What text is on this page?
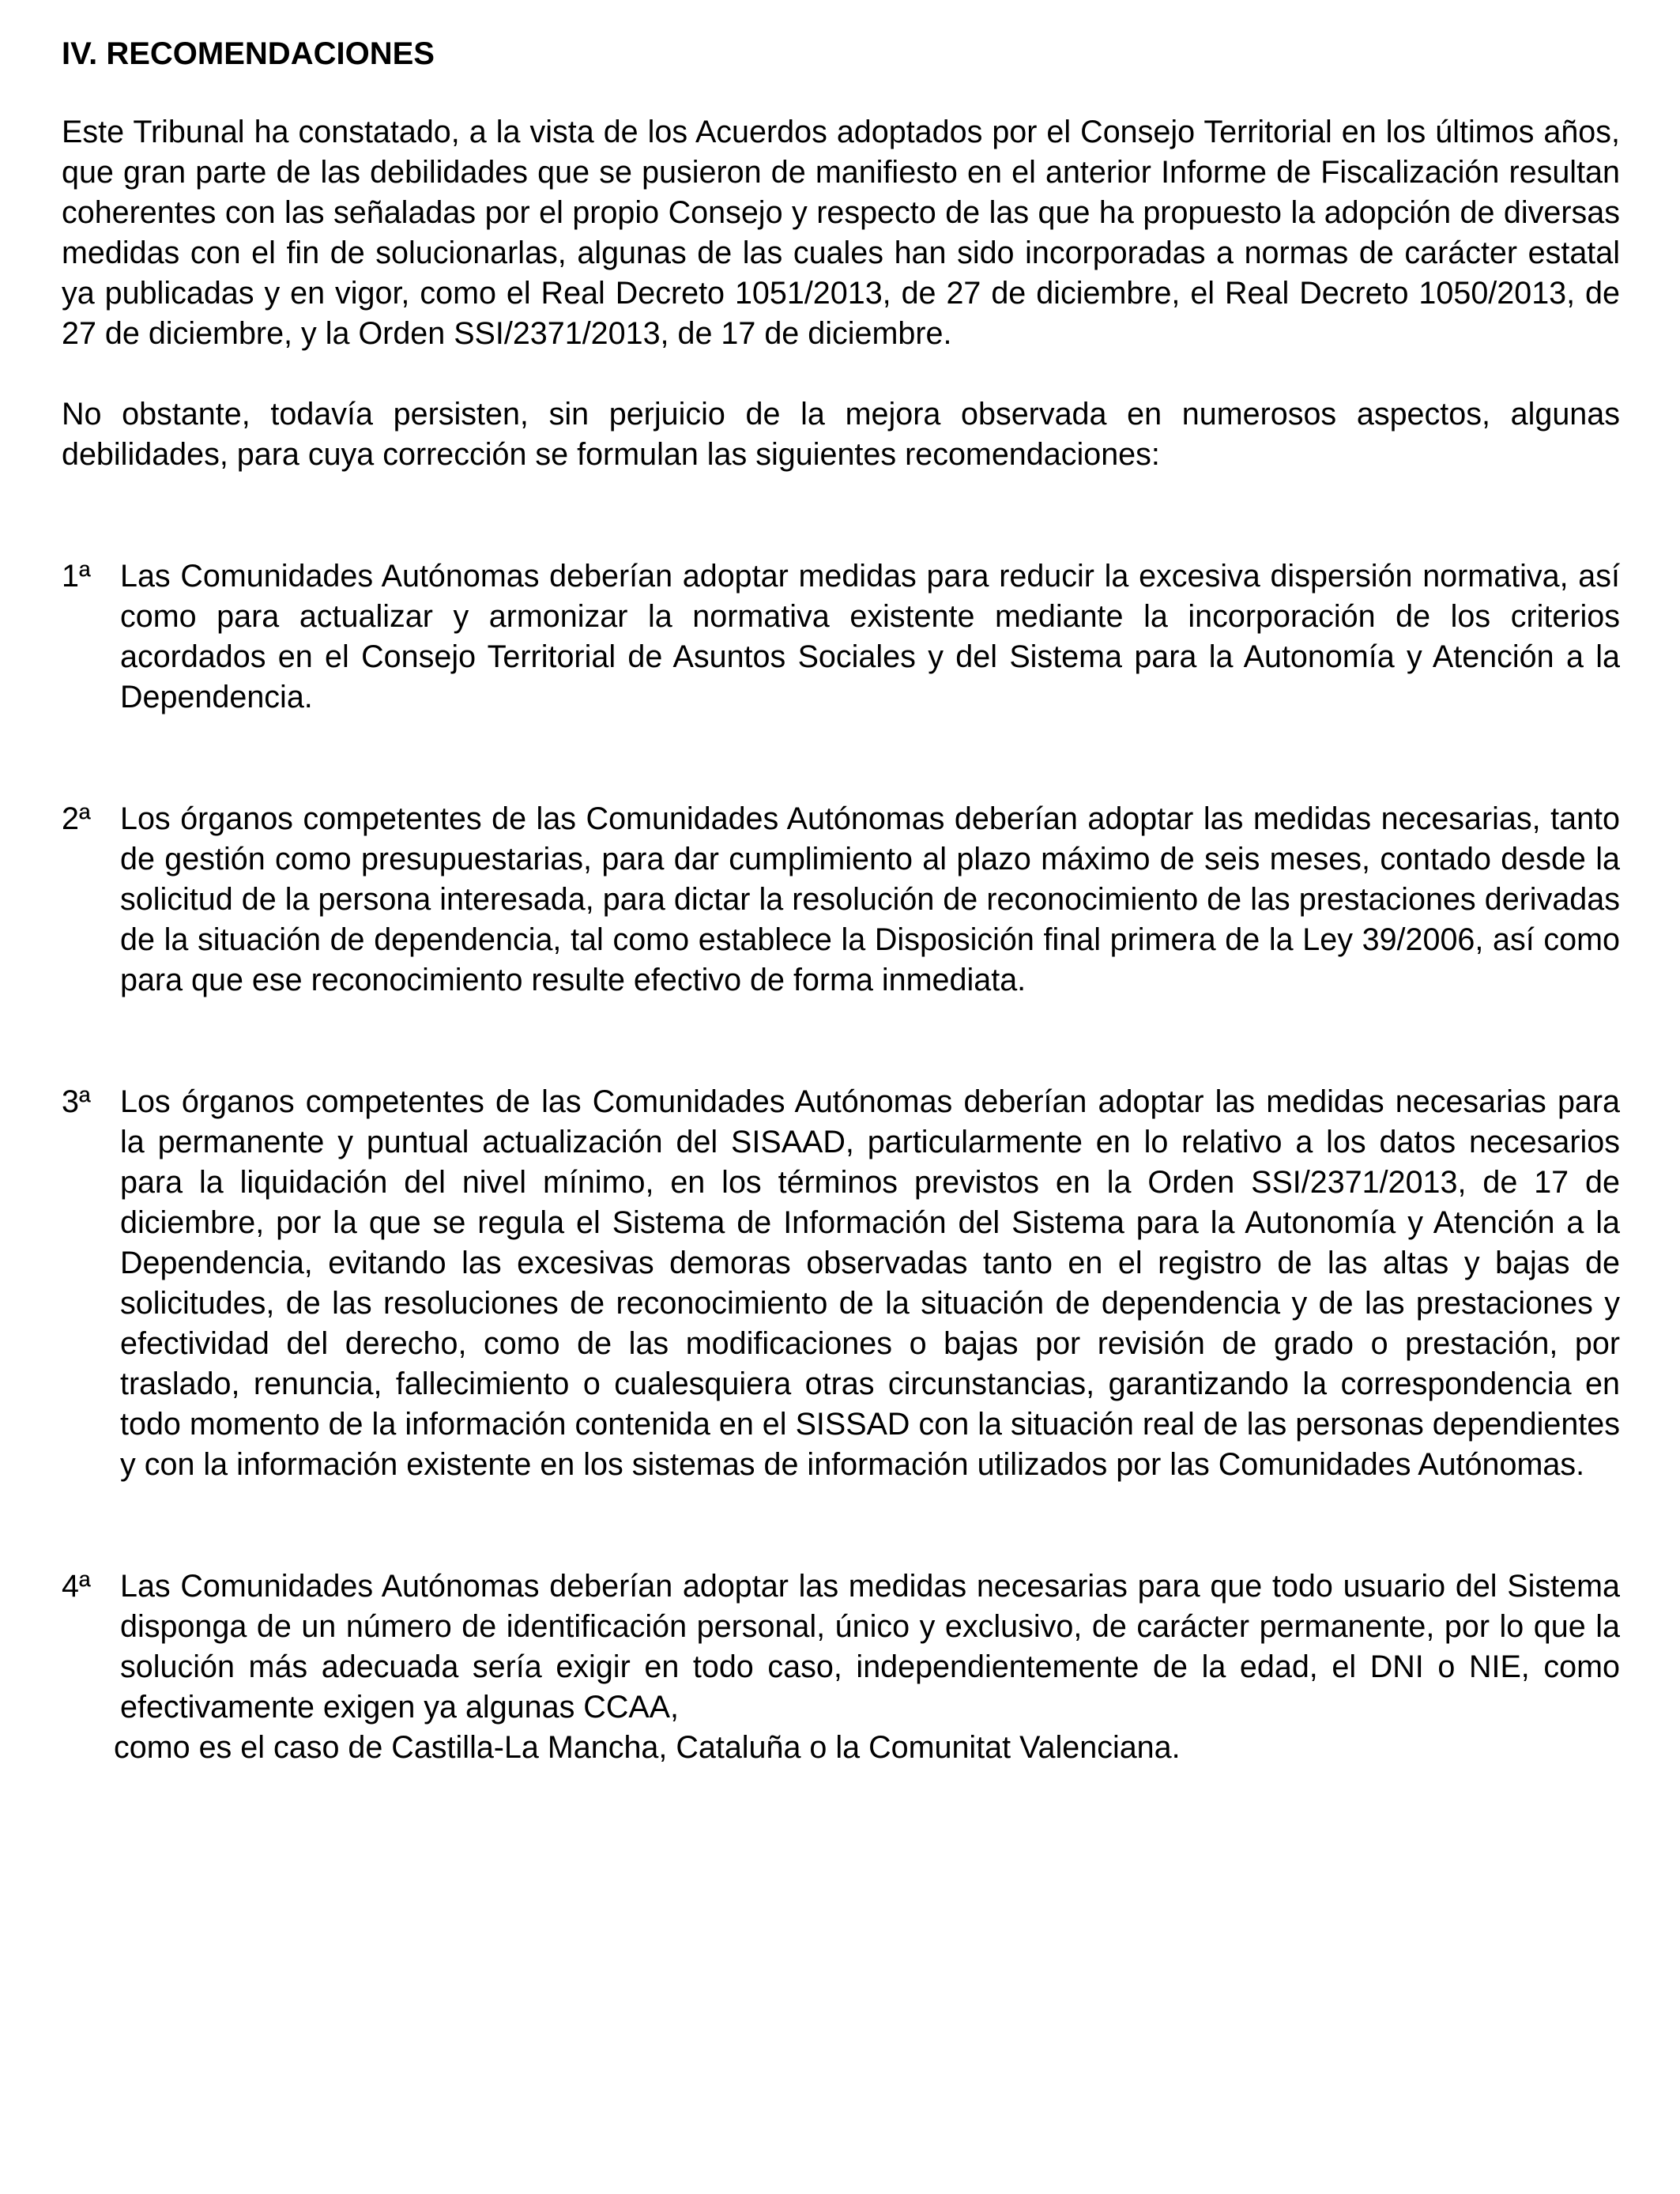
IV. RECOMENDACIONES

Este Tribunal ha constatado, a la vista de los Acuerdos adoptados por el Consejo Territorial en los últimos años, que gran parte de las debilidades que se pusieron de manifiesto en el anterior Informe de Fiscalización resultan coherentes con las señaladas por el propio Consejo y respecto de las que ha propuesto la adopción de diversas medidas con el fin de solucionarlas, algunas de las cuales han sido incorporadas a normas de carácter estatal ya publicadas y en vigor, como el Real Decreto 1051/2013, de 27 de diciembre, el Real Decreto 1050/2013, de 27 de diciembre, y la Orden SSI/2371/2013, de 17 de diciembre.

No obstante, todavía persisten, sin perjuicio de la mejora observada en numerosos aspectos, algunas debilidades, para cuya corrección se formulan las siguientes recomendaciones:

1ª Las Comunidades Autónomas deberían adoptar medidas para reducir la excesiva dispersión normativa, así como para actualizar y armonizar la normativa existente mediante la incorporación de los criterios acordados en el Consejo Territorial de Asuntos Sociales y del Sistema para la Autonomía y Atención a la Dependencia.
2ª Los órganos competentes de las Comunidades Autónomas deberían adoptar las medidas necesarias, tanto de gestión como presupuestarias, para dar cumplimiento al plazo máximo de seis meses, contado desde la solicitud de la persona interesada, para dictar la resolución de reconocimiento de las prestaciones derivadas de la situación de dependencia, tal como establece la Disposición final primera de la Ley 39/2006, así como para que ese reconocimiento resulte efectivo de forma inmediata.
3ª Los órganos competentes de las Comunidades Autónomas deberían adoptar las medidas necesarias para la permanente y puntual actualización del SISAAD, particularmente en lo relativo a los datos necesarios para la liquidación del nivel mínimo, en los términos previstos en la Orden SSI/2371/2013, de 17 de diciembre, por la que se regula el Sistema de Información del Sistema para la Autonomía y Atención a la Dependencia, evitando las excesivas demoras observadas tanto en el registro de las altas y bajas de solicitudes, de las resoluciones de reconocimiento de la situación de dependencia y de las prestaciones y efectividad del derecho, como de las modificaciones o bajas por revisión de grado o prestación, por traslado, renuncia, fallecimiento o cualesquiera otras circunstancias, garantizando la correspondencia en todo momento de la información contenida en el SISSAD con la situación real de las personas dependientes y con la información existente en los sistemas de información utilizados por las Comunidades Autónomas.
4ª Las Comunidades Autónomas deberían adoptar las medidas necesarias para que todo usuario del Sistema disponga de un número de identificación personal, único y exclusivo, de carácter permanente, por lo que la solución más adecuada sería exigir en todo caso, independientemente de la edad, el DNI o NIE, como efectivamente exigen ya algunas CCAA,
como es el caso de Castilla-La Mancha, Cataluña o la Comunitat Valenciana.
